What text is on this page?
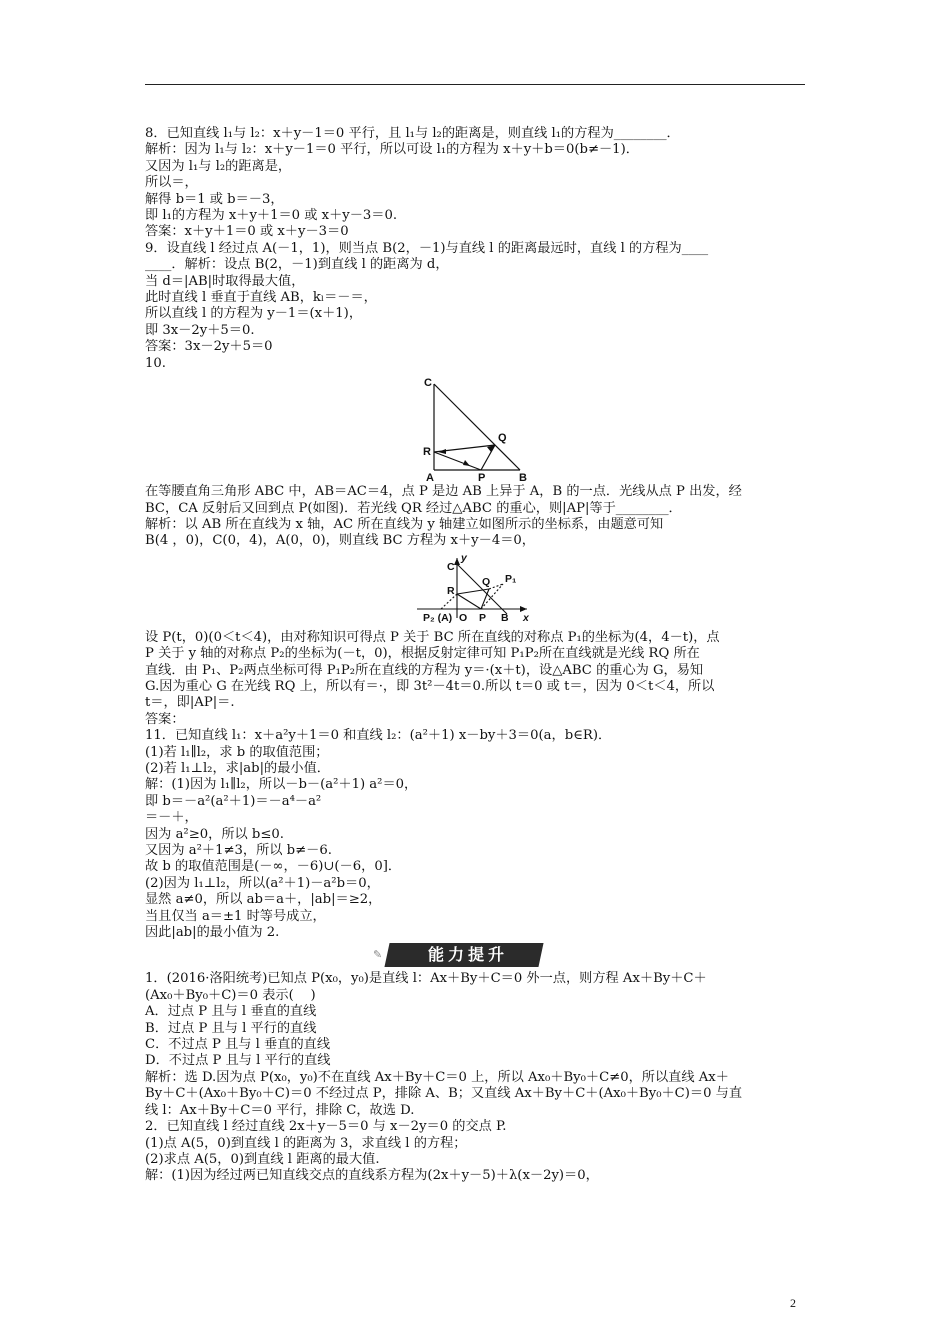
8．已知直线 l₁与 l₂：x＋y－1＝0 平行，且 l₁与 l₂的距离是，则直线 l₁的方程为________．
解析：因为 l₁与 l₂：x＋y－1＝0 平行，所以可设 l₁的方程为 x＋y＋b＝0(b≠－1)．
又因为 l₁与 l₂的距离是，
所以＝，
解得 b＝1 或 b＝－3，
即 l₁的方程为 x＋y＋1＝0 或 x＋y－3＝0.
答案：x＋y＋1＝0 或 x＋y－3＝0
9．设直线 l 经过点 A(－1，1)，则当点 B(2，－1)与直线 l 的距离最远时，直线 l 的方程为____
____．解析：设点 B(2，－1)到直线 l 的距离为 d，
当 d＝|AB|时取得最大值，
此时直线 l 垂直于直线 AB，kₗ＝－＝，
所以直线 l 的方程为 y－1＝(x＋1)，
即 3x－2y＋5＝0.
答案：3x－2y＋5＝0
10.
C
Q
R
A	P	B
在等腰直角三角形 ABC 中，AB＝AC＝4，点 P 是边 AB 上异于 A，B 的一点．光线从点 P 出发，经
BC，CA 反射后又回到点 P(如图)．若光线 QR 经过△ABC 的重心，则|AP|等于________．
解析：以 AB 所在直线为 x 轴，AC 所在直线为 y 轴建立如图所示的坐标系，由题意可知
B(4 ，0)，C(0，4)，A(0，0)，则直线 BC 方程为 x＋y－4＝0，
y
C
Q P₁
R
P₂ (A) O P B x
设 P(t，0)(0＜t＜4)，由对称知识可得点 P 关于 BC 所在直线的对称点 P₁的坐标为(4，4－t)，点
P 关于 y 轴的对称点 P₂的坐标为(－t，0)，根据反射定律可知 P₁P₂所在直线就是光线 RQ 所在
直线．由 P₁、P₂两点坐标可得 P₁P₂所在直线的方程为 y＝·(x＋t)，设△ABC 的重心为 G，易知
G.因为重心 G 在光线 RQ 上，所以有＝·，即 3t²－4t＝0.所以 t＝0 或 t＝，因为 0＜t＜4，所以
t＝，即|AP|＝.
答案：
11．已知直线 l₁：x＋a²y＋1＝0 和直线 l₂：(a²＋1) x－by＋3＝0(a，b∈R)．
(1)若 l₁∥l₂，求 b 的取值范围；
(2)若 l₁⊥l₂，求|ab|的最小值．
解：(1)因为 l₁∥l₂，所以－b－(a²＋1) a²＝0，
即 b＝－a²(a²＋1)＝－a⁴－a²
＝－＋，
因为 a²≥0，所以 b≤0.
又因为 a²＋1≠3，所以 b≠－6.
故 b 的取值范围是(－∞，－6)∪(－6，0]．
(2)因为 l₁⊥l₂，所以(a²＋1)－a²b＝0，
显然 a≠0，所以 ab＝a＋，|ab|＝≥2，
当且仅当 a＝±1 时等号成立，
因此|ab|的最小值为 2.
✎	能力提升
1．(2016·洛阳统考)已知点 P(x₀，y₀)是直线 l：Ax＋By＋C＝0 外一点，则方程 Ax＋By＋C＋
(Ax₀＋By₀＋C)＝0 表示(    )
A．过点 P 且与 l 垂直的直线
B．过点 P 且与 l 平行的直线
C．不过点 P 且与 l 垂直的直线
D．不过点 P 且与 l 平行的直线
解析：选 D.因为点 P(x₀，y₀)不在直线 Ax＋By＋C＝0 上，所以 Ax₀＋By₀＋C≠0，所以直线 Ax＋
By＋C＋(Ax₀＋By₀＋C)＝0 不经过点 P，排除 A、B；又直线 Ax＋By＋C＋(Ax₀＋By₀＋C)＝0 与直
线 l：Ax＋By＋C＝0 平行，排除 C，故选 D.
2．已知直线 l 经过直线 2x＋y－5＝0 与 x－2y＝0 的交点 P.
(1)点 A(5，0)到直线 l 的距离为 3，求直线 l 的方程；
(2)求点 A(5，0)到直线 l 距离的最大值.
解：(1)因为经过两已知直线交点的直线系方程为(2x＋y－5)＋λ(x－2y)＝0，
2
